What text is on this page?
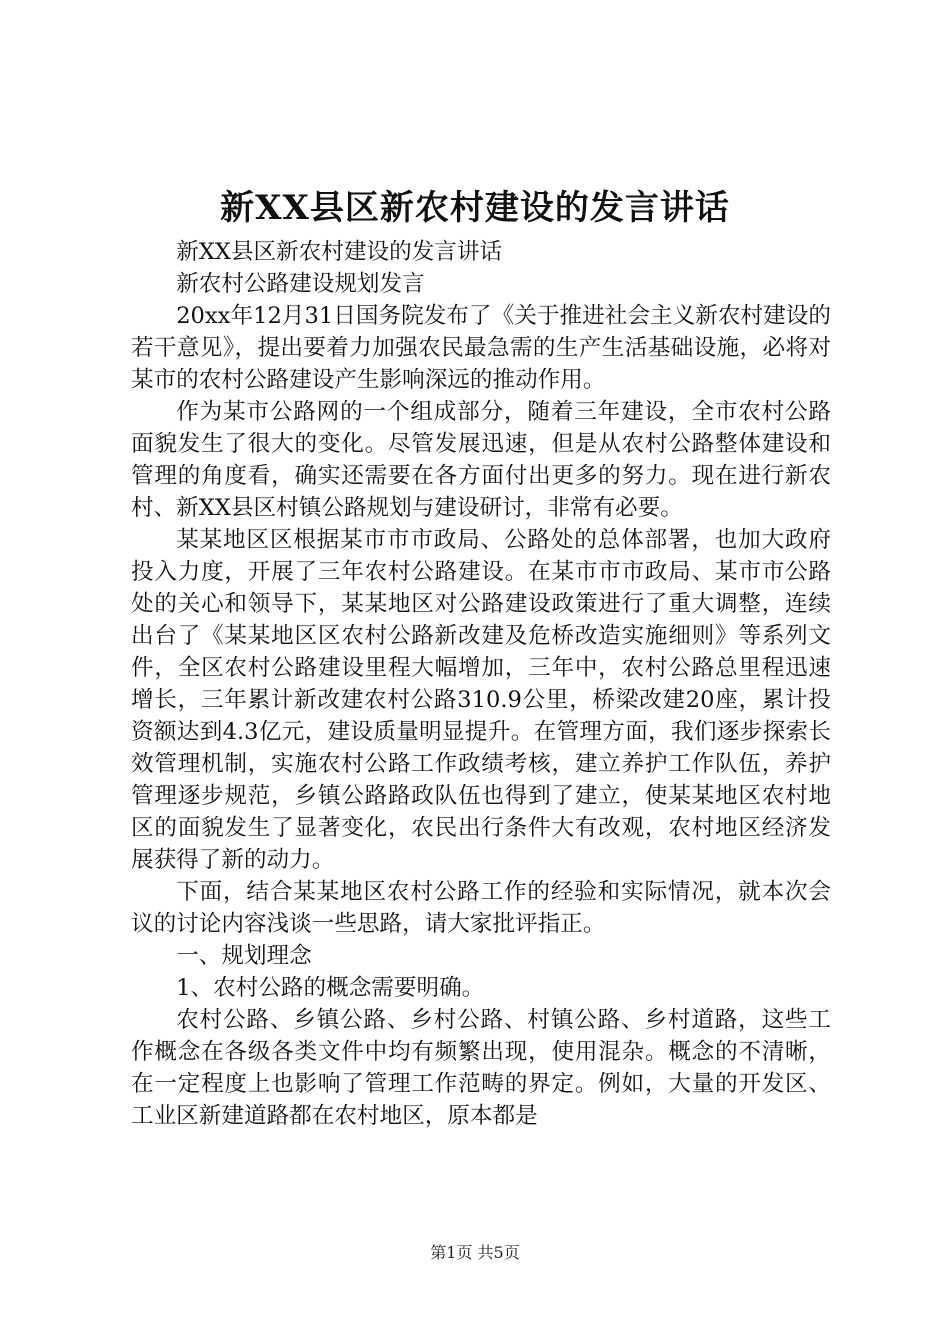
新XX县区新农村建设的发言讲话

新XX县区新农村建设的发言讲话

新农村公路建设规划发言

20xx年12月31日国务院发布了《关于推进社会主义新农村建设的若干意见》，提出要着力加强农民最急需的生产生活基础设施，必将对某市的农村公路建设产生影响深远的推动作用。

作为某市公路网的一个组成部分，随着三年建设，全市农村公路面貌发生了很大的变化。尽管发展迅速，但是从农村公路整体建设和管理的角度看，确实还需要在各方面付出更多的努力。现在进行新农村、新XX县区村镇公路规划与建设研讨，非常有必要。

某某地区区根据某市市市政局、公路处的总体部署，也加大政府投入力度，开展了三年农村公路建设。在某市市市政局、某市市公路处的关心和领导下，某某地区对公路建设政策进行了重大调整，连续出台了《某某地区区农村公路新改建及危桥改造实施细则》等系列文件，全区农村公路建设里程大幅增加，三年中，农村公路总里程迅速增长，三年累计新改建农村公路310.9公里，桥梁改建20座，累计投资额达到4.3亿元，建设质量明显提升。在管理方面，我们逐步探索长效管理机制，实施农村公路工作政绩考核，建立养护工作队伍，养护管理逐步规范，乡镇公路路政队伍也得到了建立，使某某地区农村地区的面貌发生了显著变化，农民出行条件大有改观，农村地区经济发展获得了新的动力。

下面，结合某某地区农村公路工作的经验和实际情况，就本次会议的讨论内容浅谈一些思路，请大家批评指正。

一、规划理念

1、农村公路的概念需要明确。

农村公路、乡镇公路、乡村公路、村镇公路、乡村道路，这些工作概念在各级各类文件中均有频繁出现，使用混杂。概念的不清晰，在一定程度上也影响了管理工作范畴的界定。例如，大量的开发区、工业区新建道路都在农村地区，原本都是

第1页 共5页
